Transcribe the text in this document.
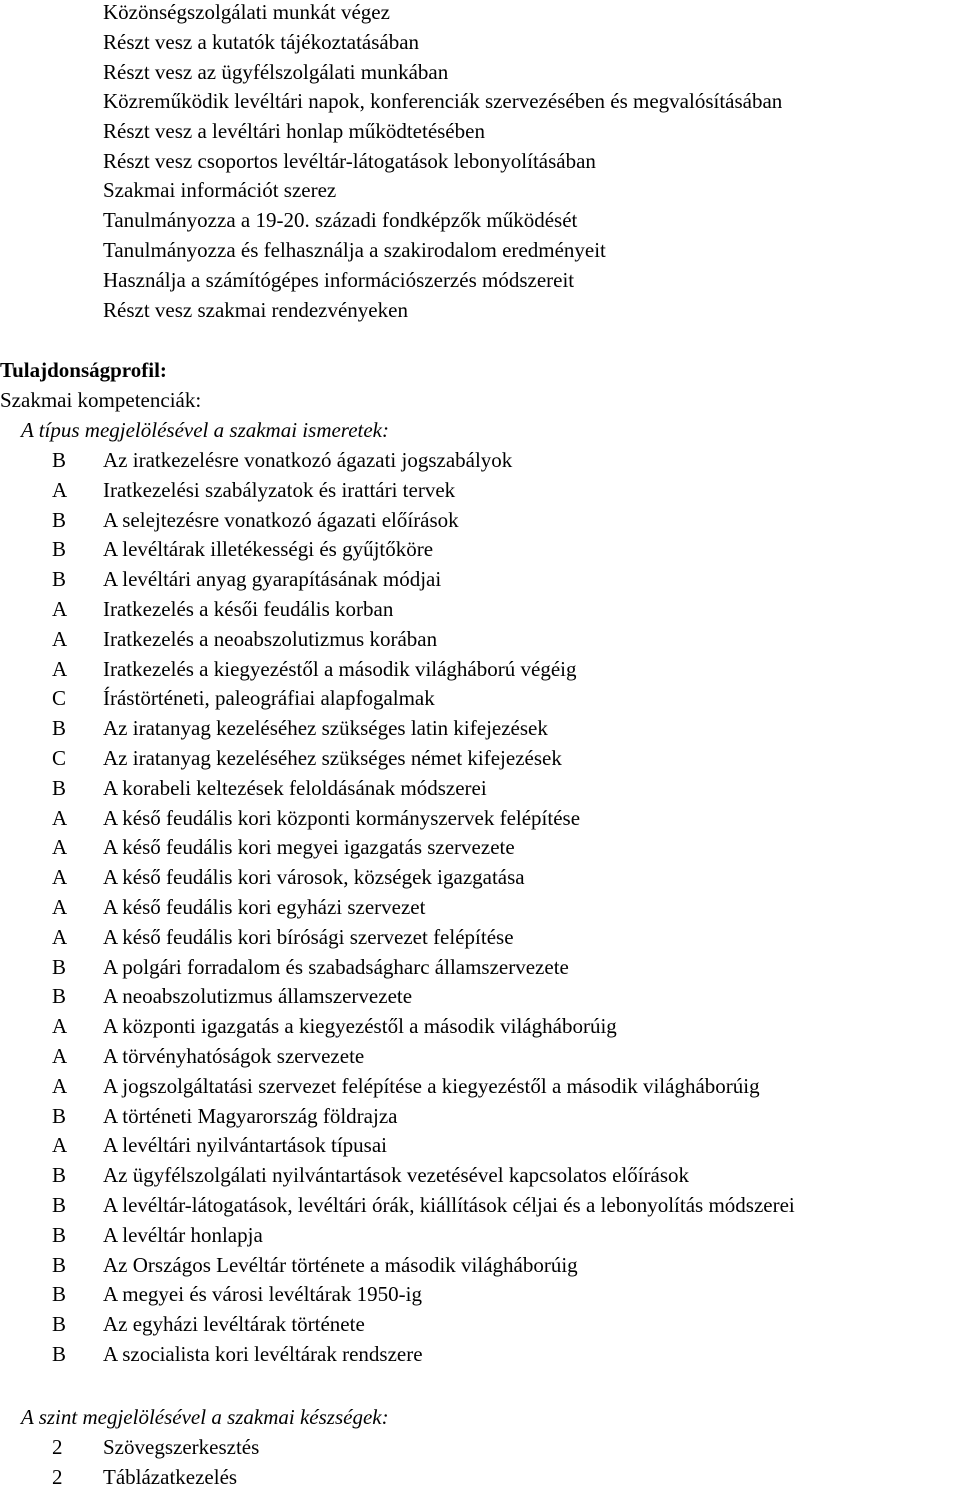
Közönségszolgálati munkát végez
Részt vesz a kutatók tájékoztatásában
Részt vesz az ügyfélszolgálati munkában
Közreműködik levéltári napok, konferenciák szervezésében és megvalósításában
Részt vesz a levéltári honlap működtetésében
Részt vesz csoportos levéltár-látogatások lebonyolításában
Szakmai információt szerez
Tanulmányozza a 19-20. századi fondképzők működését
Tanulmányozza és felhasználja a szakirodalom eredményeit
Használja a számítógépes információszerzés módszereit
Részt vesz szakmai rendezvényeken
Tulajdonságprofil:
Szakmai kompetenciák:
A típus megjelölésével a szakmai ismeretek:
B	Az iratkezelésre vonatkozó ágazati jogszabályok
A	Iratkezelési szabályzatok és irattári tervek
B	A selejtezésre vonatkozó ágazati előírások
B	A levéltárak illetékességi és gyűjtőköre
B	A levéltári anyag gyarapításának módjai
A	Iratkezelés a késői feudális korban
A	Iratkezelés a neoabszolutizmus korában
A	Iratkezelés a kiegyezéstől a második világháború végéig
C	Írástörténeti, paleográfiai alapfogalmak
B	Az iratanyag kezeléséhez szükséges latin kifejezések
C	Az iratanyag kezeléséhez szükséges német kifejezések
B	A korabeli keltezések feloldásának módszerei
A	A késő feudális kori központi kormányszervek felépítése
A	A késő feudális kori megyei igazgatás szervezete
A	A késő feudális kori városok, községek igazgatása
A	A késő feudális kori egyházi szervezet
A	A késő feudális kori bírósági szervezet felépítése
B	A polgári forradalom és szabadságharc államszervezete
B	A neoabszolutizmus államszervezete
A	A központi igazgatás a kiegyezéstől a második világháborúig
A	A törvényhatóságok szervezete
A	A jogszolgáltatási szervezet felépítése a kiegyezéstől a második világháborúig
B	A történeti Magyarország földrajza
A	A levéltári nyilvántartások típusai
B	Az ügyfélszolgálati nyilvántartások vezetésével kapcsolatos előírások
B	A levéltár-látogatások, levéltári órák, kiállítások céljai és a lebonyolítás módszerei
B	A levéltár honlapja
B	Az Országos Levéltár története a második világháborúig
B	A megyei és városi levéltárak 1950-ig
B	Az egyházi levéltárak története
B	A szocialista kori levéltárak rendszere
A szint megjelölésével a szakmai készségek:
2	Szövegszerkesztés
2	Táblázatkezelés
